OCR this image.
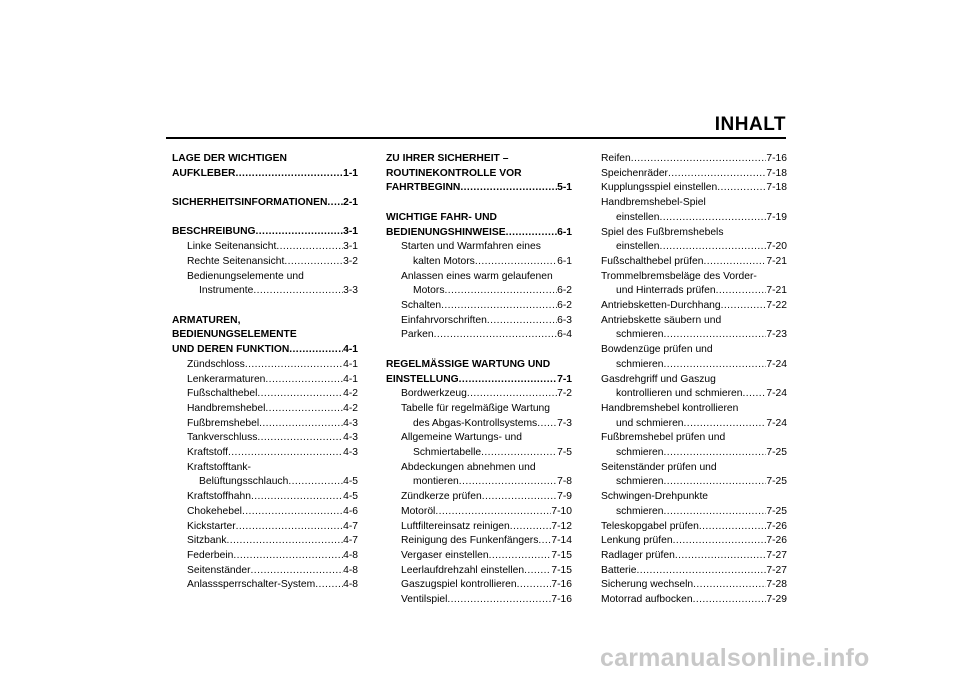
INHALT
LAGE DER WICHTIGEN
AUFKLEBER .....	1-1
SICHERHEITSINFORMATIONEN ..... 2-1
BESCHREIBUNG .....	3-1
Linke Seitenansicht .....	3-1
Rechte Seitenansicht .....	3-2
Bedienungselemente und
Instrumente .....	3-3
ARMATUREN,
BEDIENUNGSELEMENTE
UND DEREN FUNKTION .....	4-1
Zündschloss .....	4-1
Lenkerarmaturen .....	4-1
Fußschalthebel .....	4-2
Handbremshebel .....	4-2
Fußbremshebel .....	4-3
Tankverschluss .....	4-3
Kraftstoff .....	4-3
Kraftstofftank-
Belüftungsschlauch .....	4-5
Kraftstoffhahn .....	4-5
Chokehebel .....	4-6
Kickstarter .....	4-7
Sitzbank .....	4-7
Federbein .....	4-8
Seitenständer .....	4-8
Anlasssperrschalter-System .....	4-8
ZU IHRER SICHERHEIT –
ROUTINEKONTROLLE VOR
FAHRTBEGINN .....	5-1
WICHTIGE FAHR- UND
BEDIENUNGSHINWEISE .....	6-1
Starten und Warmfahren eines
kalten Motors .....	6-1
Anlassen eines warm gelaufenen
Motors .....	6-2
Schalten .....	6-2
Einfahrvorschriften .....	6-3
Parken .....	6-4
REGELMÄSSIGE WARTUNG UND
EINSTELLUNG .....	7-1
Bordwerkzeug .....	7-2
Tabelle für regelmäßige Wartung
des Abgas-Kontrollsystems ..... 7-3
Allgemeine Wartungs- und
Schmiertabelle .....	7-5
Abdeckungen abnehmen und
montieren .....	7-8
Zündkerze prüfen .....	7-9
Motoröl .....	7-10
Luftfiltereinsatz reinigen .....	7-12
Reinigung des Funkenfängers ..... 7-14
Vergaser einstellen .....	7-15
Leerlaufdrehzahl einstellen .....	7-15
Gaszugspiel kontrollieren .....	7-16
Ventilspiel .....	7-16
Reifen .....	7-16
Speichenräder .....	7-18
Kupplungsspiel einstellen .....	7-18
Handbremshebel-Spiel
einstellen .....	7-19
Spiel des Fußbremshebels
einstellen .....	7-20
Fußschalthebel prüfen .....	7-21
Trommelbremsbeläge des Vorder-
und Hinterrads prüfen .....	7-21
Antriebsketten-Durchhang .....	7-22
Antriebskette säubern und
schmieren .....	7-23
Bowdenzüge prüfen und
schmieren .....	7-24
Gasdrehgriff und Gaszug
kontrollieren und schmieren ..... 7-24
Handbremshebel kontrollieren
und schmieren .....	7-24
Fußbremshebel prüfen und
schmieren .....	7-25
Seitenständer prüfen und
schmieren .....	7-25
Schwingen-Drehpunkte
schmieren .....	7-25
Teleskopgabel prüfen .....	7-26
Lenkung prüfen .....	7-26
Radlager prüfen .....	7-27
Batterie .....	7-27
Sicherung wechseln .....	7-28
Motorrad aufbocken .....	7-29
carmanualsonline.info
